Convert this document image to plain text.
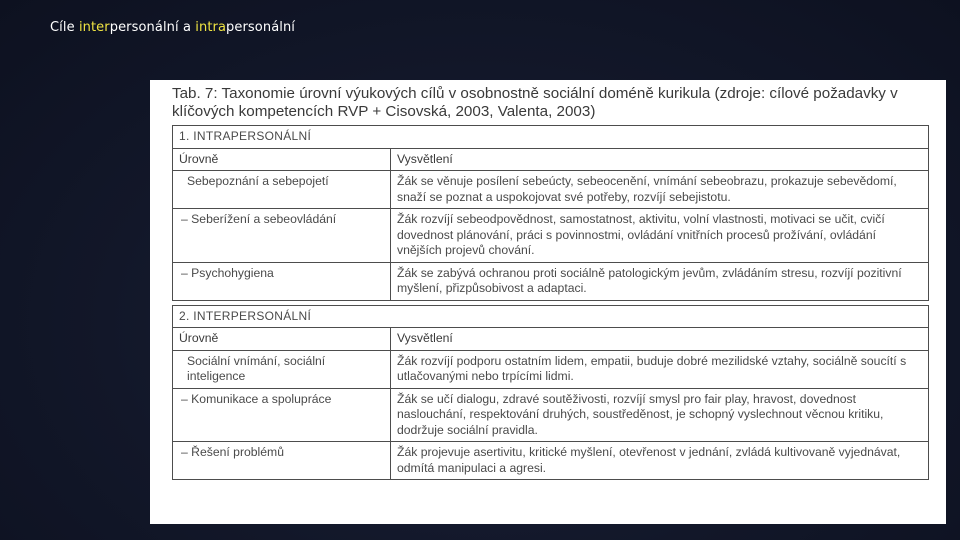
Cíle interpersonální a intrapersonální
Tab. 7: Taxonomie úrovní výukových cílů v osobnostně sociální doméně kurikula (zdroje: cílové požadavky v klíčových kompetencích RVP + Cisovská, 2003, Valenta, 2003)
1. INTRAPERSONÁLNÍ	
Úrovně	Vysvětlení
Sebepoznání a sebepojetí	Žák se věnuje posílení sebeúcty, sebeocenění, vnímání sebeobrazu, prokazuje sebevědomí, snaží se poznat a uspokojovat své potřeby, rozvíjí sebejistotu.
– Seberížení a sebeovládání	Žák rozvíjí sebeodpovědnost, samostatnost, aktivitu, volní vlastnosti, motivaci se učit, cvičí dovednost plánování, práci s povinnostmi, ovládání vnitřních procesů prožívání, ovládání vnějších projevů chování.
– Psychohygiena	Žák se zabývá ochranou proti sociálně patologickým jevům, zvládáním stresu, rozvíjí pozitivní myšlení, přizpůsobivost a adaptaci.
2. INTERPERSONÁLNÍ	
Úrovně	Vysvětlení
Sociální vnímání, sociální inteligence	Žák rozvíjí podporu ostatním lidem, empatii, buduje dobré mezilidské vztahy, sociálně soucítí s utlačovanými nebo trpícími lidmi.
– Komunikace a spolupráce	Žák se učí dialogu, zdravé soutěživosti, rozvíjí smysl pro fair play, hravost, dovednost naslouchání, respektování druhých, soustředěnost, je schopný vyslechnout věcnou kritiku, dodržuje sociální pravidla.
– Řešení problémů	Žák projevuje asertivitu, kritické myšlení, otevřenost v jednání, zvládá kultivovaně vyjednávat, odmítá manipulaci a agresi.
